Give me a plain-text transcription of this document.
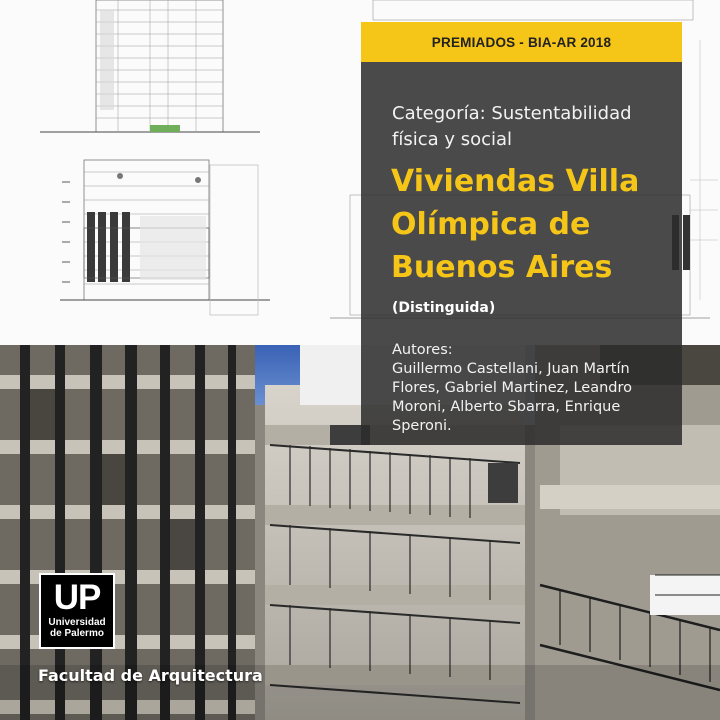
PREMIADOS - BIA-AR 2018
Categoría: Sustentabilidad física y social
Viviendas Villa Olímpica de Buenos Aires
(Distinguida)
Autores:
Guillermo Castellani, Juan Martín Flores, Gabriel Martinez, Leandro Moroni, Alberto Sbarra, Enrique Speroni.
UP
Universidad
de Palermo
Facultad de Arquitectura
